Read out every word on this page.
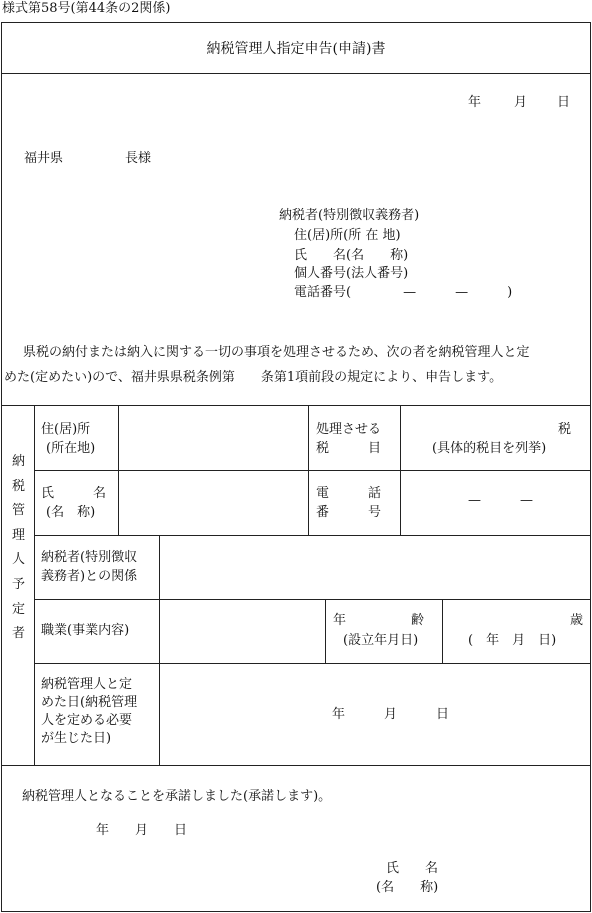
様式第58号(第44条の2関係)
納税管理人指定申告(申請)書
年	月 日
福井県	長様
納税者(特別徴収義務者)
住(居)所(所 在 地)
氏　　名(名　　称)
個人番号(法人番号)
電話番号(　　　　—　　　—　　　)
県税の納付または納入に関する一切の事項を処理させるため、次の者を納税管理人と定
めた(定めたい)ので、福井県県税条例第　　条第1項前段の規定により、申告します。
納
税
管
理
人
予
定
者
住(居)所
(所在地)
処理させる
税　　　目
税
(具体的税目を列挙)
氏　　　名
(名　称)
電　　　話
番　　　号
—　　　—
納税者(特別徴収
義務者)との関係
職業(事業内容)
年　　　　　齢
(設立年月日)
歳
(　年　月　日)
納税管理人と定
めた日(納税管理
人を定める必要
が生じた日)
年　　　月　　　日
納税管理人となることを承諾しました(承諾します)。
年　　月　　日
氏　　名
(名　　称)
